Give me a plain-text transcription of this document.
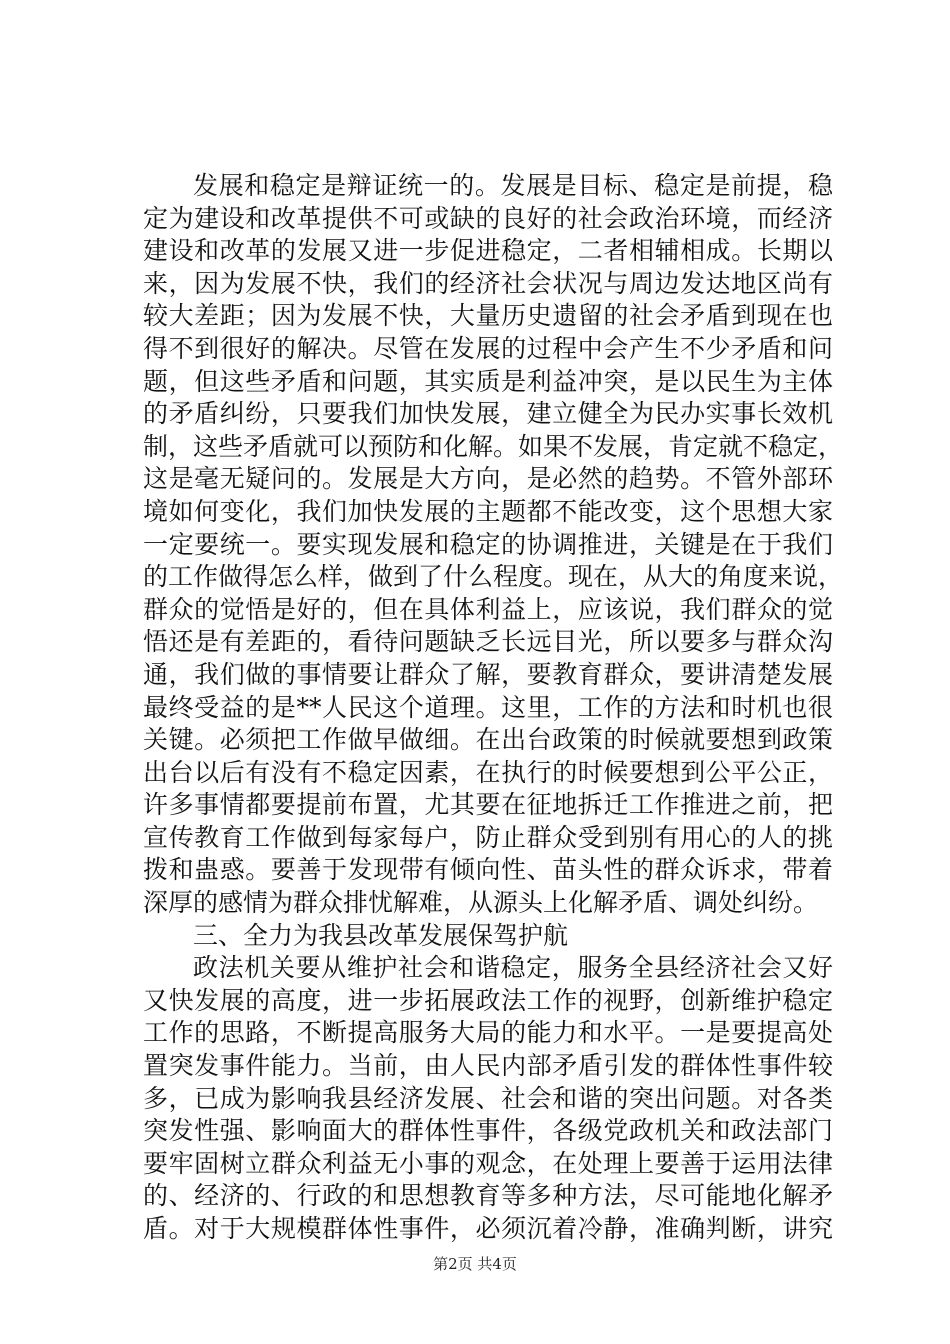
发展和稳定是辩证统一的。发展是目标、稳定是前提，稳
定为建设和改革提供不可或缺的良好的社会政治环境，而经济
建设和改革的发展又进一步促进稳定，二者相辅相成。长期以
来，因为发展不快，我们的经济社会状况与周边发达地区尚有
较大差距；因为发展不快，大量历史遗留的社会矛盾到现在也
得不到很好的解决。尽管在发展的过程中会产生不少矛盾和问
题，但这些矛盾和问题，其实质是利益冲突，是以民生为主体
的矛盾纠纷，只要我们加快发展，建立健全为民办实事长效机
制，这些矛盾就可以预防和化解。如果不发展，肯定就不稳定，
这是毫无疑问的。发展是大方向，是必然的趋势。不管外部环
境如何变化，我们加快发展的主题都不能改变，这个思想大家
一定要统一。要实现发展和稳定的协调推进，关键是在于我们
的工作做得怎么样，做到了什么程度。现在，从大的角度来说，
群众的觉悟是好的，但在具体利益上，应该说，我们群众的觉
悟还是有差距的，看待问题缺乏长远目光，所以要多与群众沟
通，我们做的事情要让群众了解，要教育群众，要讲清楚发展
最终受益的是**人民这个道理。这里，工作的方法和时机也很
关键。必须把工作做早做细。在出台政策的时候就要想到政策
出台以后有没有不稳定因素，在执行的时候要想到公平公正，
许多事情都要提前布置，尤其要在征地拆迁工作推进之前，把
宣传教育工作做到每家每户，防止群众受到别有用心的人的挑
拨和蛊惑。要善于发现带有倾向性、苗头性的群众诉求，带着
深厚的感情为群众排忧解难，从源头上化解矛盾、调处纠纷。
三、全力为我县改革发展保驾护航
政法机关要从维护社会和谐稳定，服务全县经济社会又好
又快发展的高度，进一步拓展政法工作的视野，创新维护稳定
工作的思路，不断提高服务大局的能力和水平。一是要提高处
置突发事件能力。当前，由人民内部矛盾引发的群体性事件较
多，已成为影响我县经济发展、社会和谐的突出问题。对各类
突发性强、影响面大的群体性事件，各级党政机关和政法部门
要牢固树立群众利益无小事的观念，在处理上要善于运用法律
的、经济的、行政的和思想教育等多种方法，尽可能地化解矛
盾。对于大规模群体性事件，必须沉着冷静，准确判断，讲究
第2页 共4页
